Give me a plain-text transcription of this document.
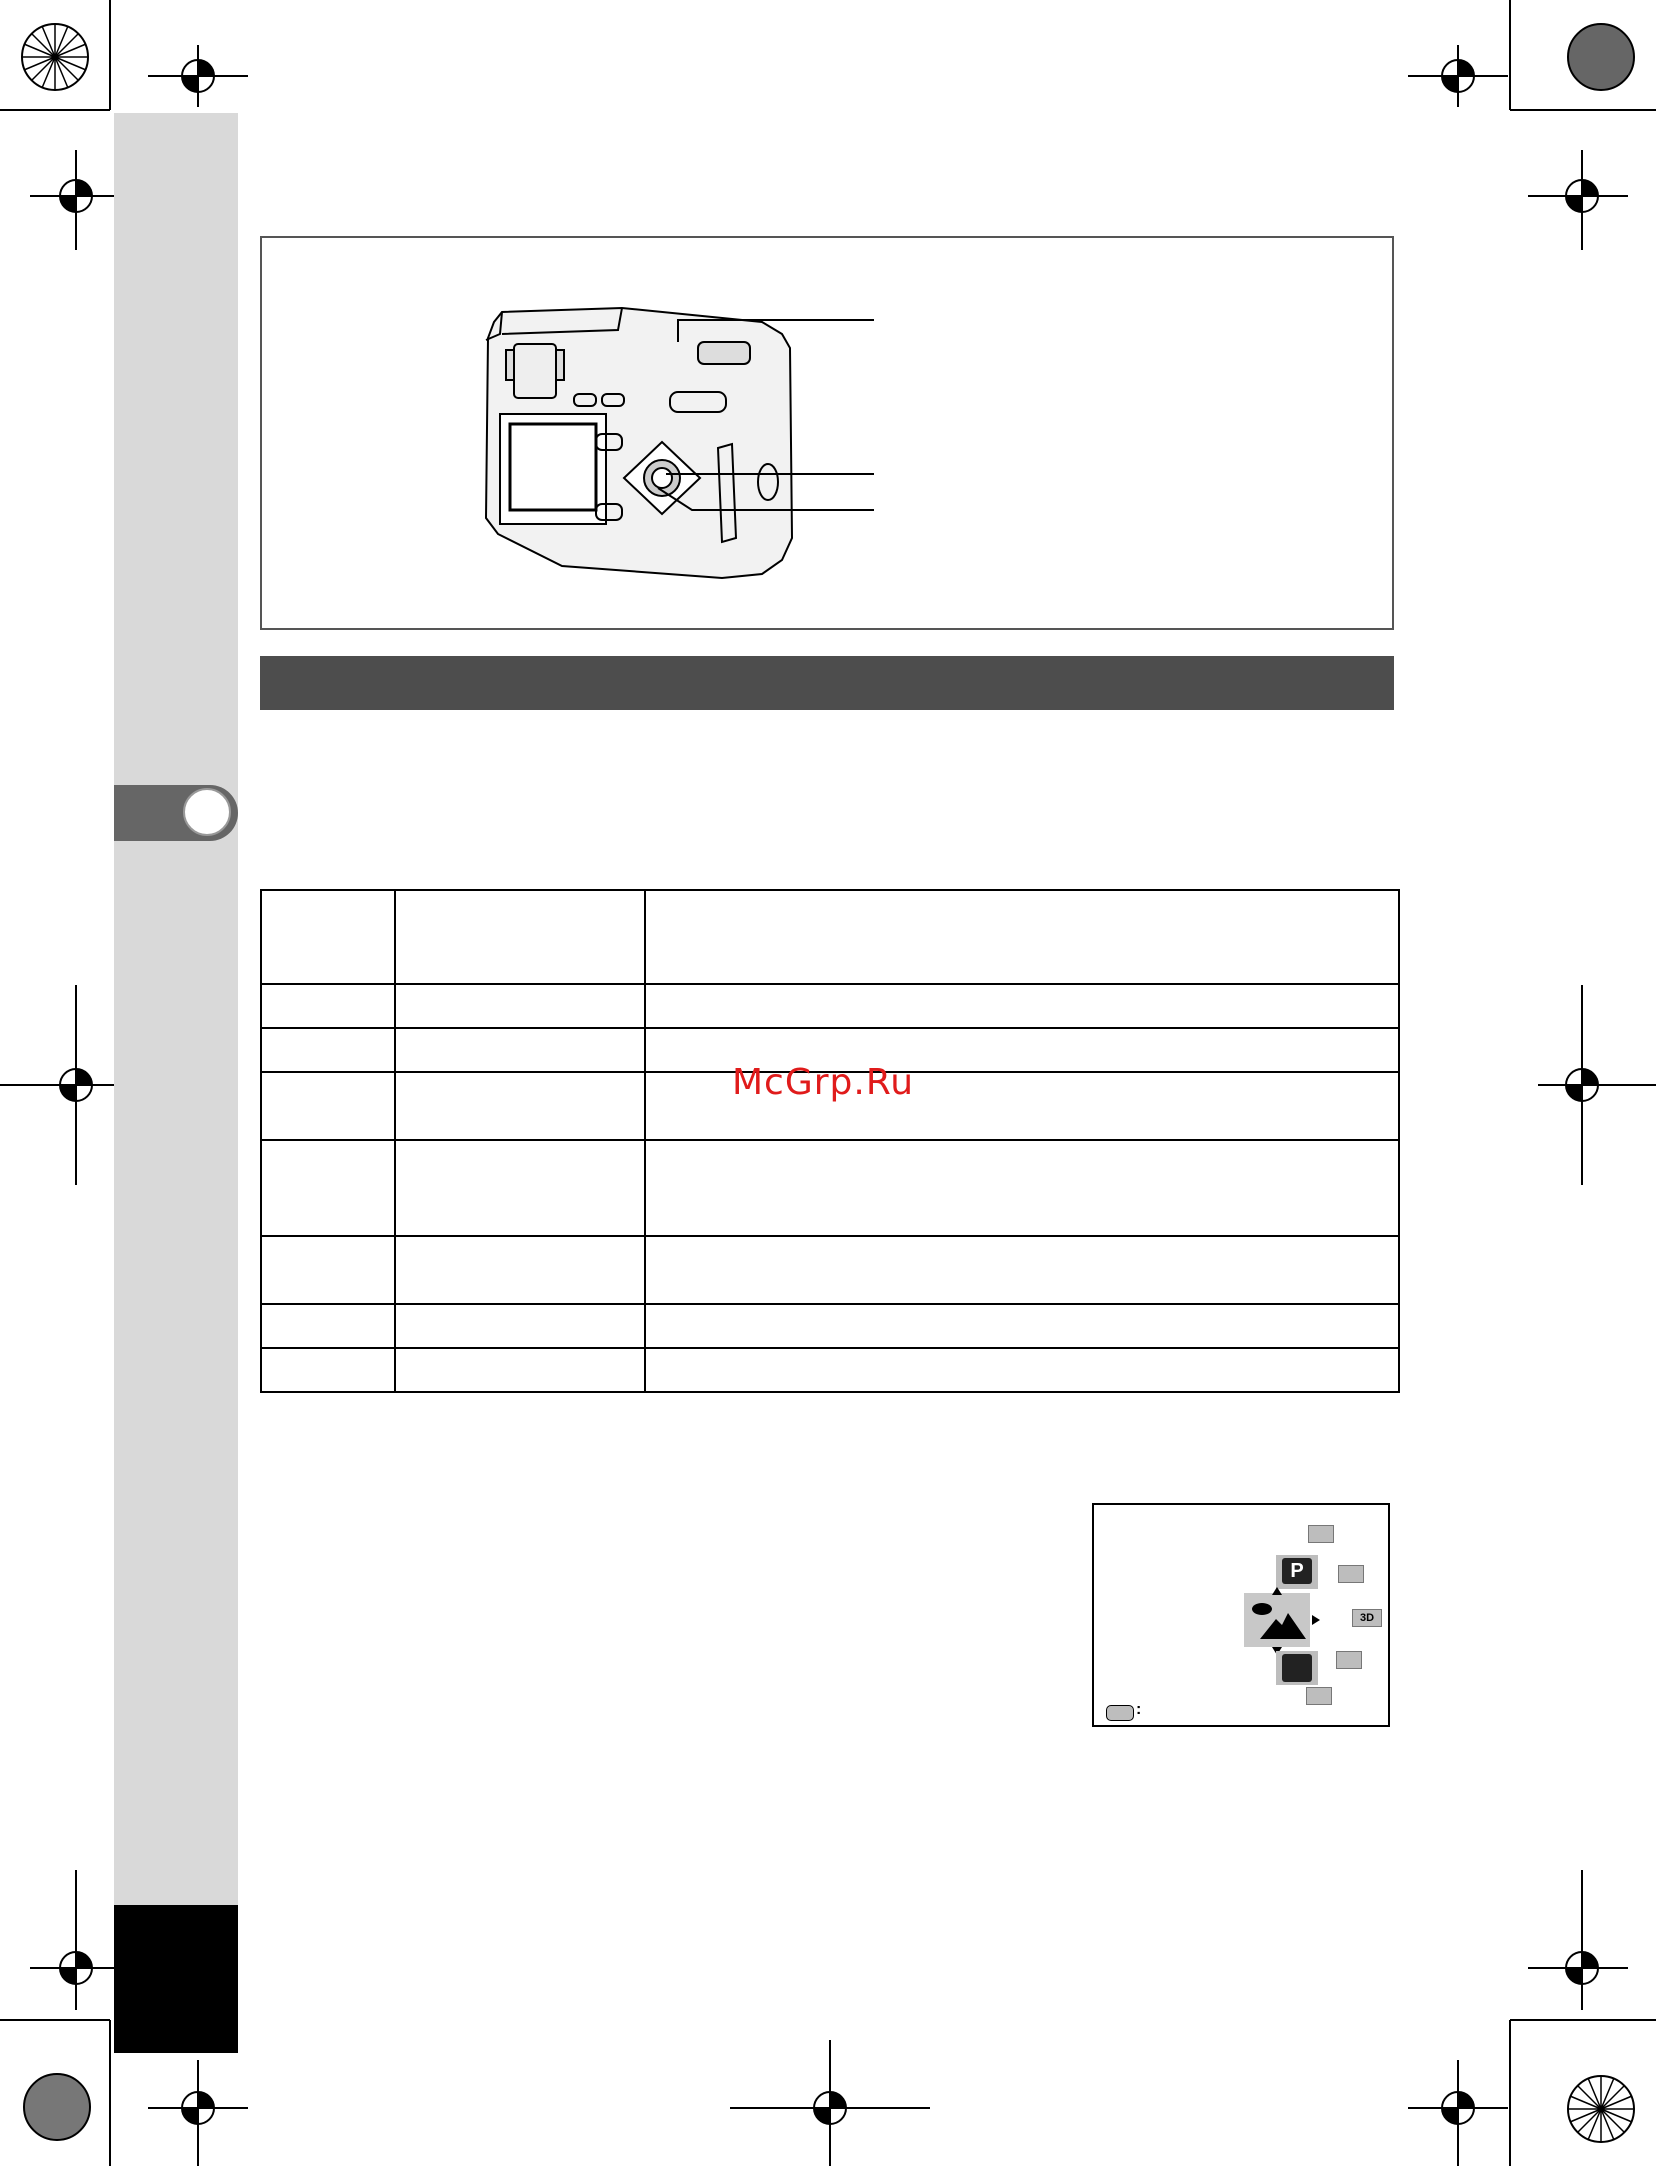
McGrp.Ru

P
3D
:
